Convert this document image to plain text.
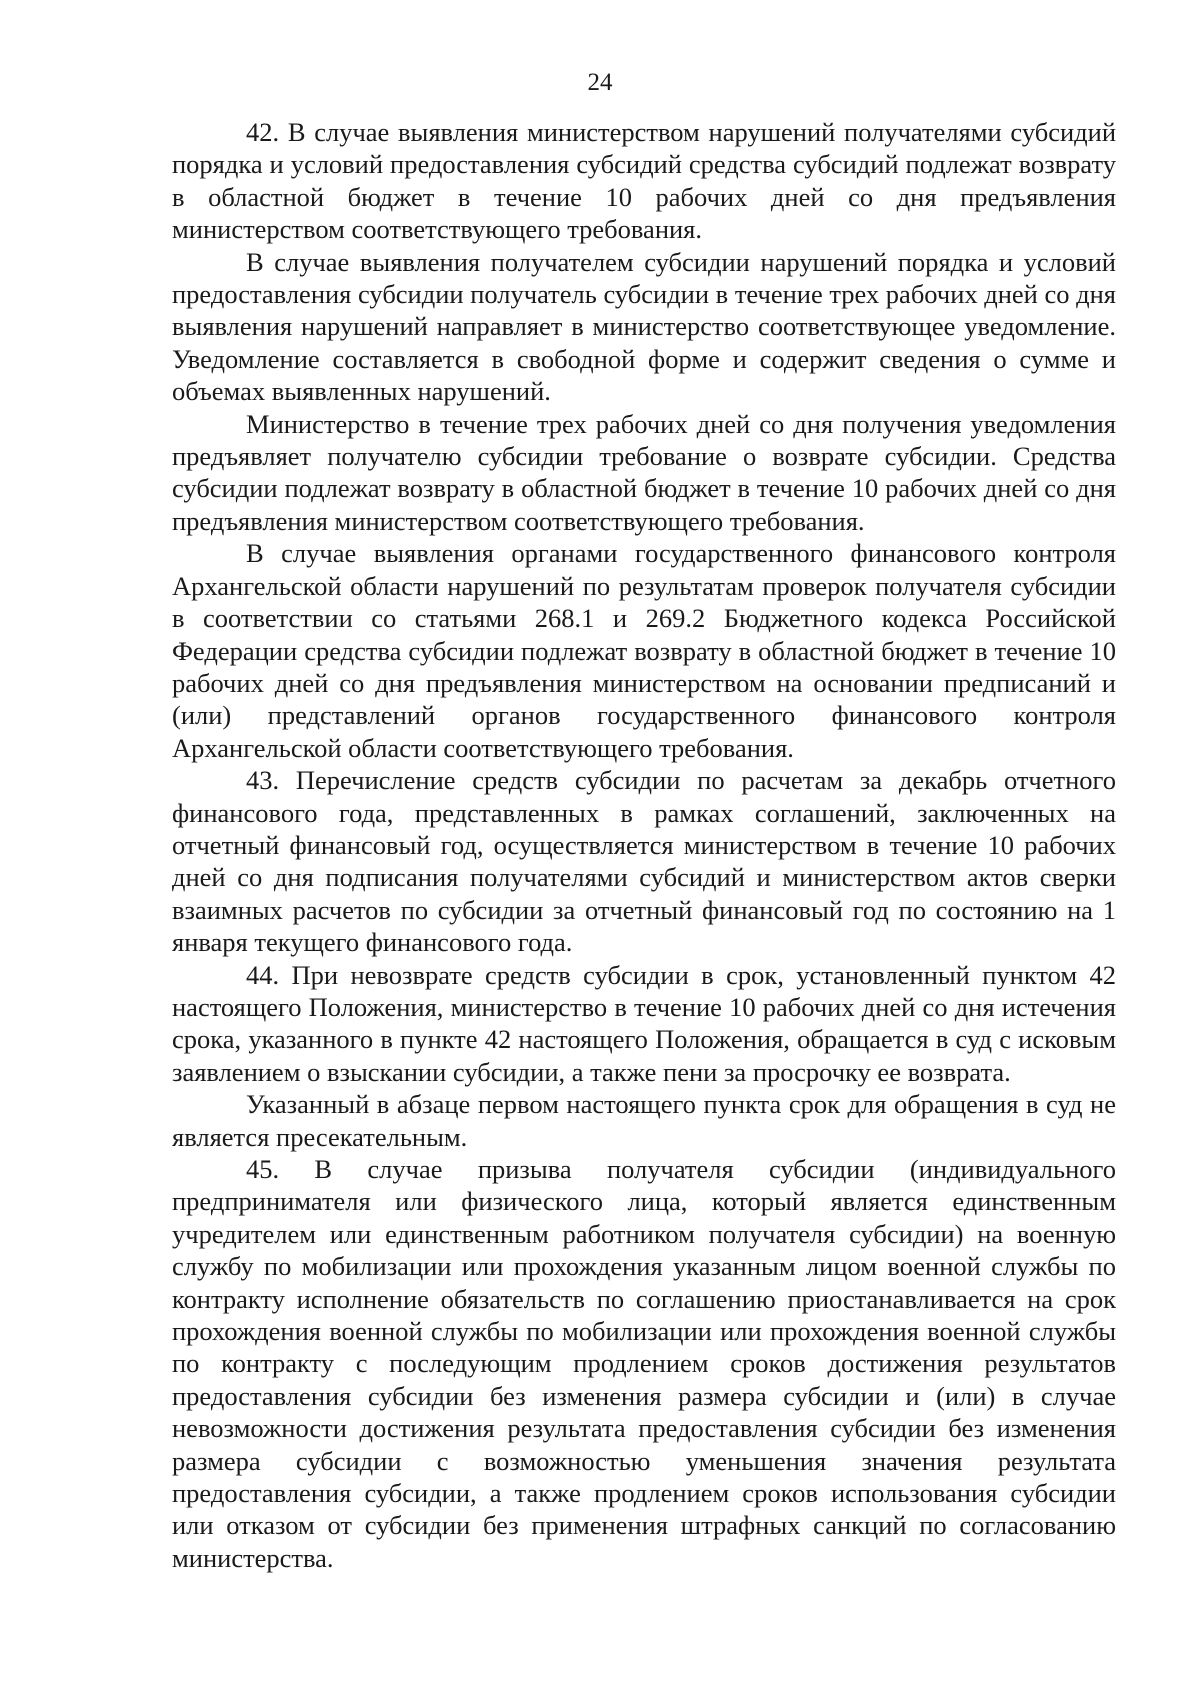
24

42. В случае выявления министерством нарушений получателями субсидий порядка и условий предоставления субсидий средства субсидий подлежат возврату в областной бюджет в течение 10 рабочих дней со дня предъявления министерством соответствующего требования.

В случае выявления получателем субсидии нарушений порядка и условий предоставления субсидии получатель субсидии в течение трех рабочих дней со дня выявления нарушений направляет в министерство соответствующее уведомление. Уведомление составляется в свободной форме и содержит сведения о сумме и объемах выявленных нарушений.

Министерство в течение трех рабочих дней со дня получения уведомления предъявляет получателю субсидии требование о возврате субсидии. Средства субсидии подлежат возврату в областной бюджет в течение 10 рабочих дней со дня предъявления министерством соответствующего требования.

В случае выявления органами государственного финансового контроля Архангельской области нарушений по результатам проверок получателя субсидии в соответствии со статьями 268.1 и 269.2 Бюджетного кодекса Российской Федерации средства субсидии подлежат возврату в областной бюджет в течение 10 рабочих дней со дня предъявления министерством на основании предписаний и (или) представлений органов государственного финансового контроля Архангельской области соответствующего требования.

43. Перечисление средств субсидии по расчетам за декабрь отчетного финансового года, представленных в рамках соглашений, заключенных на отчетный финансовый год, осуществляется министерством в течение 10 рабочих дней со дня подписания получателями субсидий и министерством актов сверки взаимных расчетов по субсидии за отчетный финансовый год по состоянию на 1 января текущего финансового года.

44. При невозврате средств субсидии в срок, установленный пунктом 42 настоящего Положения, министерство в течение 10 рабочих дней со дня истечения срока, указанного в пункте 42 настоящего Положения, обращается в суд с исковым заявлением о взыскании субсидии, а также пени за просрочку ее возврата.

Указанный в абзаце первом настоящего пункта срок для обращения в суд не является пресекательным.

45. В случае призыва получателя субсидии (индивидуального предпринимателя или физического лица, который является единственным учредителем или единственным работником получателя субсидии) на военную службу по мобилизации или прохождения указанным лицом военной службы по контракту исполнение обязательств по соглашению приостанавливается на срок прохождения военной службы по мобилизации или прохождения военной службы по контракту с последующим продлением сроков достижения результатов предоставления субсидии без изменения размера субсидии и (или) в случае невозможности достижения результата предоставления субсидии без изменения размера субсидии с возможностью уменьшения значения результата предоставления субсидии, а также продлением сроков использования субсидии или отказом от субсидии без применения штрафных санкций по согласованию министерства.
